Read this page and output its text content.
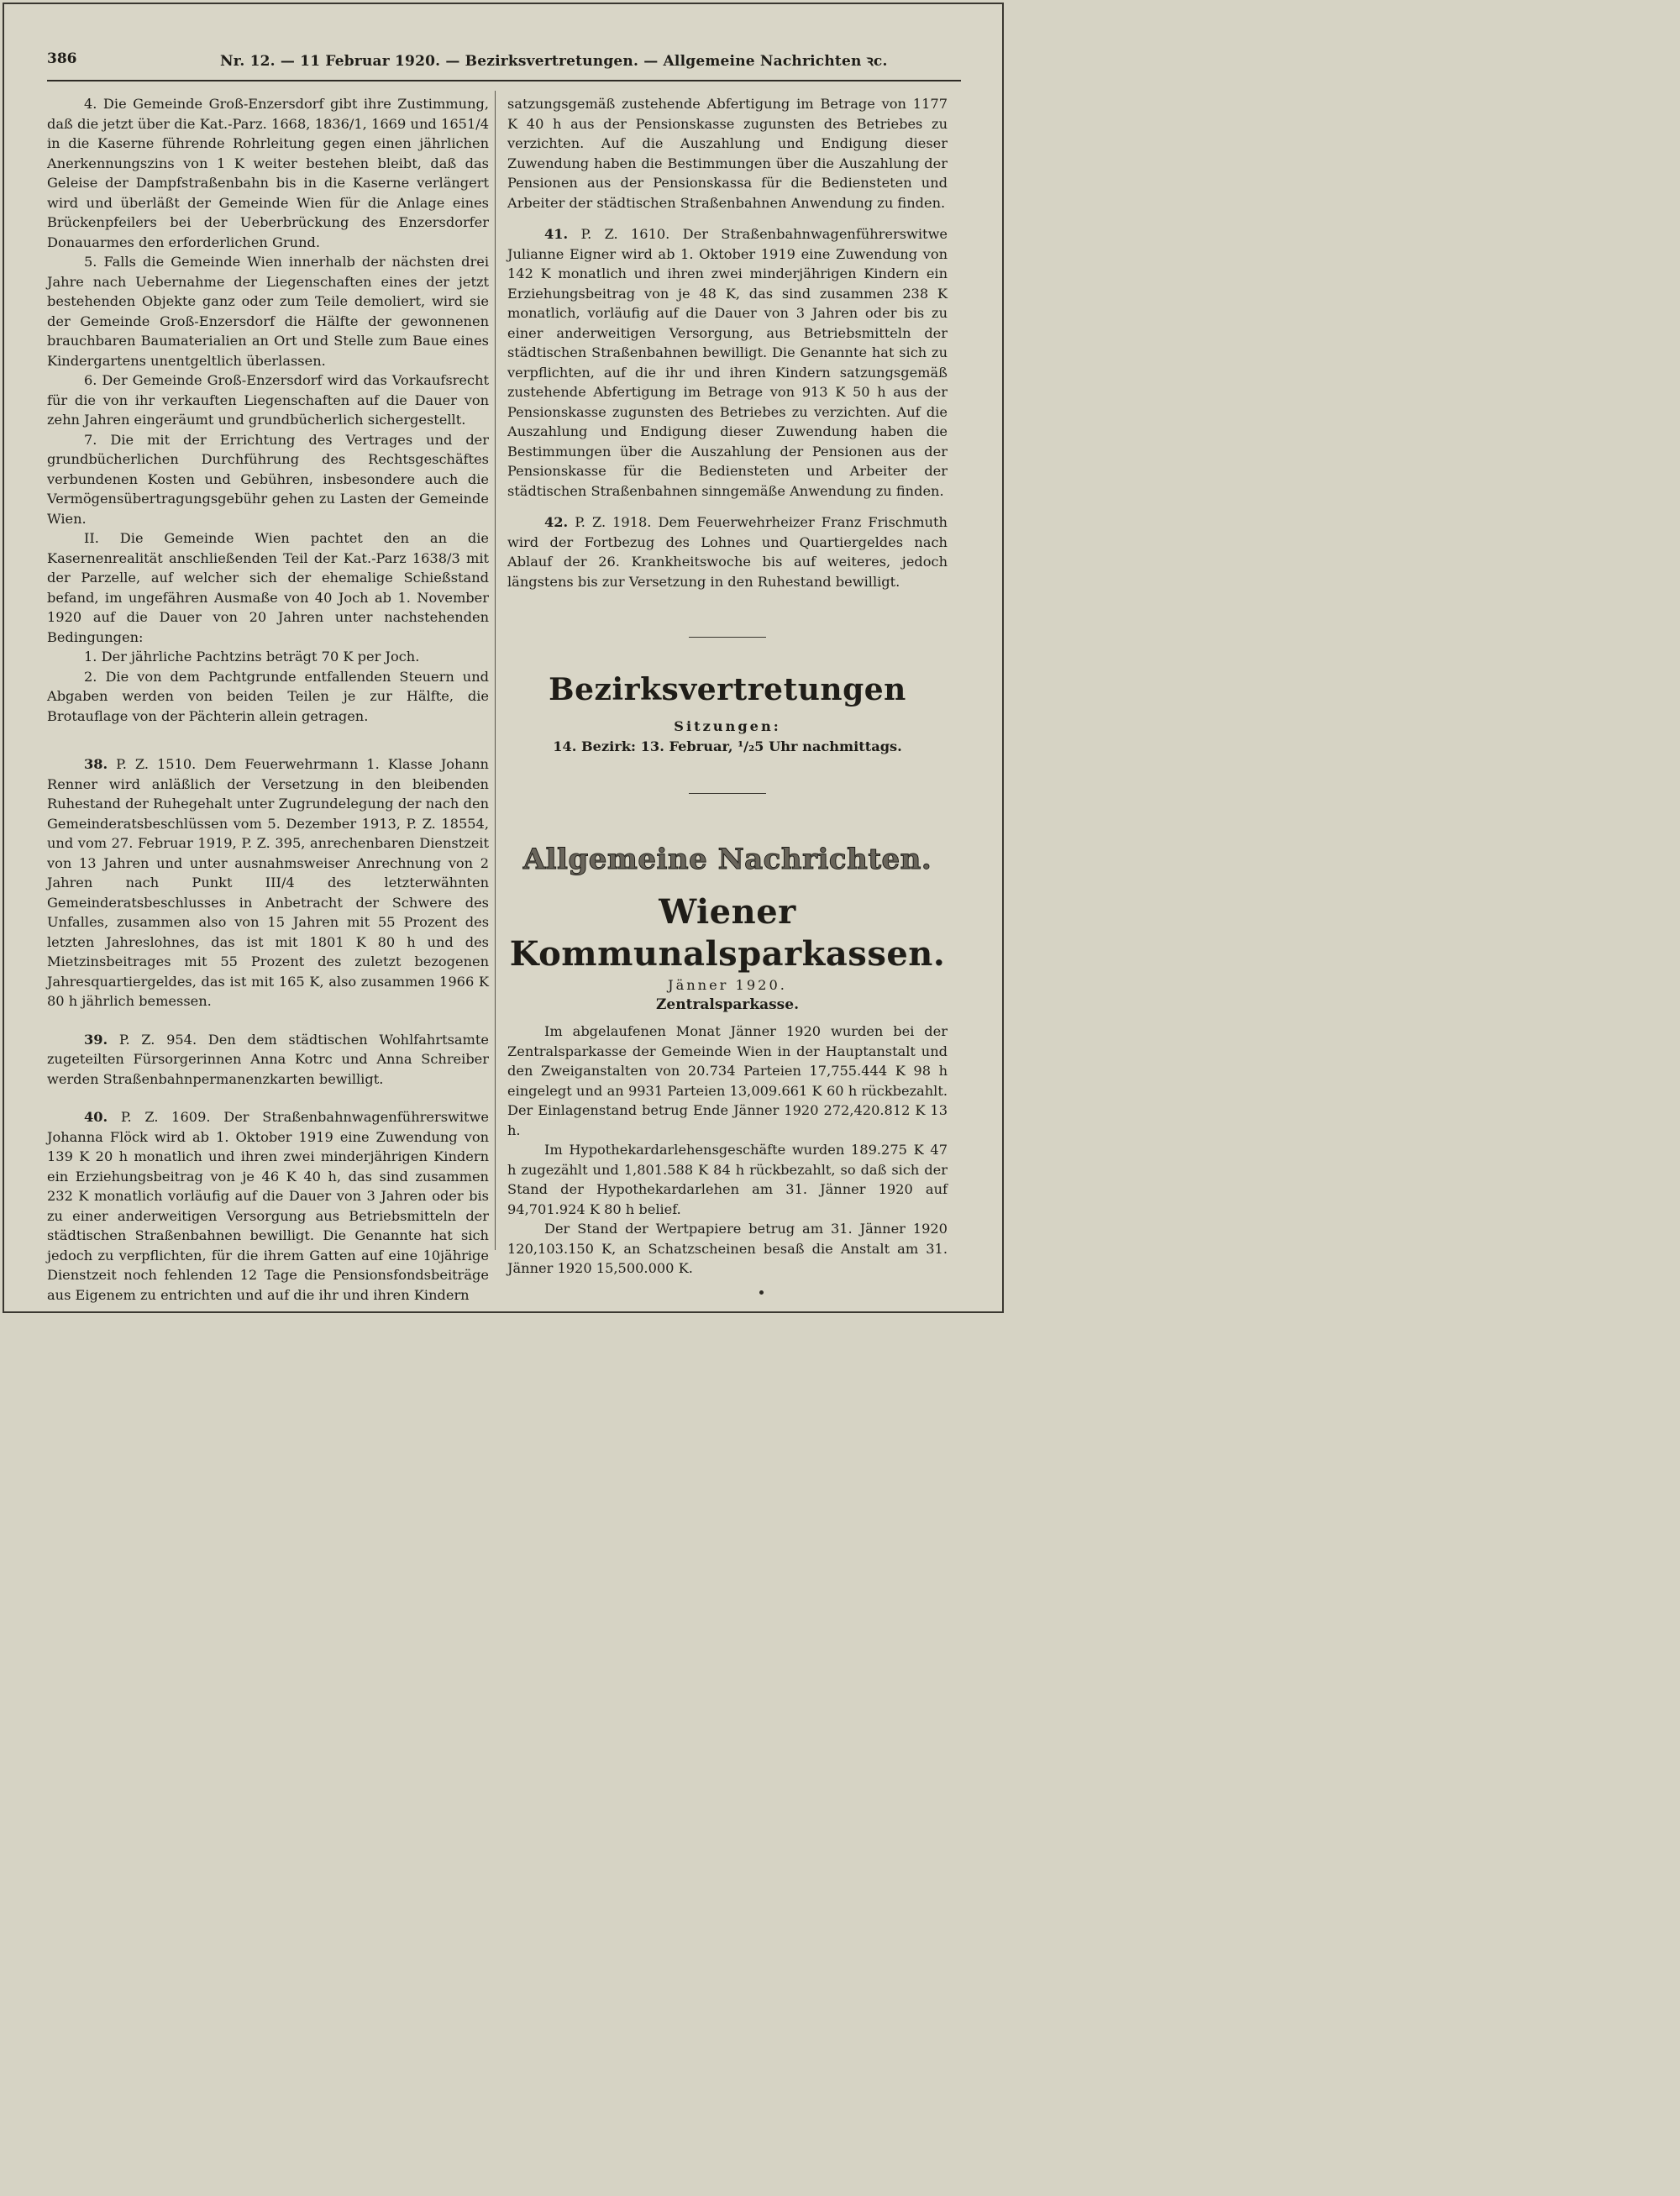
386	Nr. 12. — 11 Februar 1920. — Bezirksvertretungen. — Allgemeine Nachrichten ꝛc.

4. Die Gemeinde Groß-Enzersdorf gibt ihre Zustimmung, daß die jetzt über die Kat.-Parz. 1668, 1836/1, 1669 und 1651/4 in die Kaserne führende Rohrleitung gegen einen jährlichen Anerkennungszins von 1 K weiter bestehen bleibt, daß das Geleise der Dampfstraßenbahn bis in die Kaserne verlängert wird und überläßt der Gemeinde Wien für die Anlage eines Brückenpfeilers bei der Ueberbrückung des Enzersdorfer Donauarmes den erforderlichen Grund.

5. Falls die Gemeinde Wien innerhalb der nächsten drei Jahre nach Uebernahme der Liegenschaften eines der jetzt bestehenden Objekte ganz oder zum Teile demoliert, wird sie der Gemeinde Groß-Enzersdorf die Hälfte der gewonnenen brauchbaren Baumaterialien an Ort und Stelle zum Baue eines Kindergartens unentgeltlich überlassen.

6. Der Gemeinde Groß-Enzersdorf wird das Vorkaufsrecht für die von ihr verkauften Liegenschaften auf die Dauer von zehn Jahren eingeräumt und grundbücherlich sichergestellt.

7. Die mit der Errichtung des Vertrages und der grundbücherlichen Durchführung des Rechtsgeschäftes verbundenen Kosten und Gebühren, insbesondere auch die Vermögensübertragungsgebühr gehen zu Lasten der Gemeinde Wien.

II. Die Gemeinde Wien pachtet den an die Kasernenrealität anschließenden Teil der Kat.-Parz 1638/3 mit der Parzelle, auf welcher sich der ehemalige Schießstand befand, im ungefähren Ausmaße von 40 Joch ab 1. November 1920 auf die Dauer von 20 Jahren unter nachstehenden Bedingungen:

1. Der jährliche Pachtzins beträgt 70 K per Joch.

2. Die von dem Pachtgrunde entfallenden Steuern und Abgaben werden von beiden Teilen je zur Hälfte, die Brotauflage von der Pächterin allein getragen.

38. P. Z. 1510. Dem Feuerwehrmann 1. Klasse Johann Renner wird anläßlich der Versetzung in den bleibenden Ruhestand der Ruhegehalt unter Zugrundelegung der nach den Gemeinderatsbeschlüssen vom 5. Dezember 1913, P. Z. 18554, und vom 27. Februar 1919, P. Z. 395, anrechenbaren Dienstzeit von 13 Jahren und unter ausnahmsweiser Anrechnung von 2 Jahren nach Punkt III/4 des letzterwähnten Gemeinderatsbeschlusses in Anbetracht der Schwere des Unfalles, zusammen also von 15 Jahren mit 55 Prozent des letzten Jahreslohnes, das ist mit 1801 K 80 h und des Mietzinsbeitrages mit 55 Prozent des zuletzt bezogenen Jahresquartiergeldes, das ist mit 165 K, also zusammen 1966 K 80 h jährlich bemessen.

39. P. Z. 954. Den dem städtischen Wohlfahrtsamte zugeteilten Fürsorgerinnen Anna Kotrc und Anna Schreiber werden Straßenbahnpermanenzkarten bewilligt.

40. P. Z. 1609. Der Straßenbahnwagenführerswitwe Johanna Flöck wird ab 1. Oktober 1919 eine Zuwendung von 139 K 20 h monatlich und ihren zwei minderjährigen Kindern ein Erziehungsbeitrag von je 46 K 40 h, das sind zusammen 232 K monatlich vorläufig auf die Dauer von 3 Jahren oder bis zu einer anderweitigen Versorgung aus Betriebsmitteln der städtischen Straßenbahnen bewilligt. Die Genannte hat sich jedoch zu verpflichten, für die ihrem Gatten auf eine 10jährige Dienstzeit noch fehlenden 12 Tage die Pensionsfondsbeiträge aus Eigenem zu entrichten und auf die ihr und ihren Kindern

satzungsgemäß zustehende Abfertigung im Betrage von 1177 K 40 h aus der Pensionskasse zugunsten des Betriebes zu verzichten. Auf die Auszahlung und Endigung dieser Zuwendung haben die Bestimmungen über die Auszahlung der Pensionen aus der Pensionskassa für die Bediensteten und Arbeiter der städtischen Straßenbahnen Anwendung zu finden.

41. P. Z. 1610. Der Straßenbahnwagenführerswitwe Julianne Eigner wird ab 1. Oktober 1919 eine Zuwendung von 142 K monatlich und ihren zwei minderjährigen Kindern ein Erziehungsbeitrag von je 48 K, das sind zusammen 238 K monatlich, vorläufig auf die Dauer von 3 Jahren oder bis zu einer anderweitigen Versorgung, aus Betriebsmitteln der städtischen Straßenbahnen bewilligt. Die Genannte hat sich zu verpflichten, auf die ihr und ihren Kindern satzungsgemäß zustehende Abfertigung im Betrage von 913 K 50 h aus der Pensionskasse zugunsten des Betriebes zu verzichten. Auf die Auszahlung und Endigung dieser Zuwendung haben die Bestimmungen über die Auszahlung der Pensionen aus der Pensionskasse für die Bediensteten und Arbeiter der städtischen Straßenbahnen sinngemäße Anwendung zu finden.

42. P. Z. 1918. Dem Feuerwehrheizer Franz Frischmuth wird der Fortbezug des Lohnes und Quartiergeldes nach Ablauf der 26. Krankheitswoche bis auf weiteres, jedoch längstens bis zur Versetzung in den Ruhestand bewilligt.

Bezirksvertretungen
Sitzungen:
14. Bezirk: 13. Februar, ¹/₂5 Uhr nachmittags.
Allgemeine Nachrichten.
Wiener Kommunalsparkassen.
Jänner 1920.
Zentralsparkasse.

Im abgelaufenen Monat Jänner 1920 wurden bei der Zentralsparkasse der Gemeinde Wien in der Hauptanstalt und den Zweiganstalten von 20.734 Parteien 17,755.444 K 98 h eingelegt und an 9931 Parteien 13,009.661 K 60 h rückbezahlt. Der Einlagenstand betrug Ende Jänner 1920 272,420.812 K 13 h.

Im Hypothekardarlehensgeschäfte wurden 189.275 K 47 h zugezählt und 1,801.588 K 84 h rückbezahlt, so daß sich der Stand der Hypothekardarlehen am 31. Jänner 1920 auf 94,701.924 K 80 h belief.

Der Stand der Wertpapiere betrug am 31. Jänner 1920 120,103.150 K, an Schatzscheinen besaß die Anstalt am 31. Jänner 1920 15,500.000 K.
